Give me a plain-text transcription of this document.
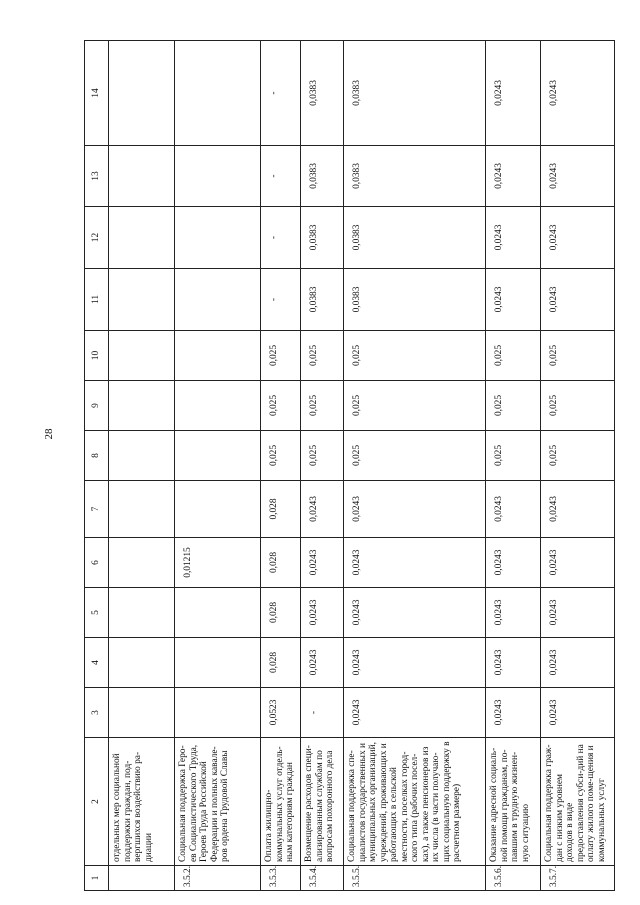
28
1	2	3	4	5	6	7	8	9	10	11	12	13	14
	отдельных мер социальной поддержки граждан, под-вергшихся воздействию ра-диации												
3.5.2.	Социальная поддержка Геро-ев Социалистического Труда, Героев Труда Российской Федерации и полных кавале-ров ордена Трудовой Славы				0,01215								
3.5.3.	Оплата жилищно-коммунальных услуг отдель-ным категориям граждан	0,0523	0,028	0,028	0,028	0,028	0,025	0,025	0,025	-	-	-	-
3.5.4.	Возмещение расходов специ-ализированным службам по вопросам похоронного дела	-	0,0243	0,0243	0,0243	0,0243	0,025	0,025	0,025	0,0383	0,0383	0,0383	0,0383
3.5.5.	Социальная поддержка спе-циалистов государственных и муниципальных организаций, учреждений, проживающих и работающих в сельской местности, поселках город-ского типа (рабочих посел-ках), а также пенсионеров из их числа (в части получаю-щих социальную поддержку в расчетном размере)	0,0243	0,0243	0,0243	0,0243	0,0243	0,025	0,025	0,025	0,0383	0,0383	0,0383	0,0383
3.5.6.	Оказание адресной социаль-ной помощи гражданам, по-павшим в трудную жизнен-ную ситуацию	0,0243	0,0243	0,0243	0,0243	0,0243	0,025	0,025	0,025	0,0243	0,0243	0,0243	0,0243
3.5.7.	Социальная поддержка граж-дан с низким уровнем доходов в виде предоставления субси-дий на оплату жилого поме-щения и коммунальных услуг	0,0243	0,0243	0,0243	0,0243	0,0243	0,025	0,025	0,025	0,0243	0,0243	0,0243	0,0243
